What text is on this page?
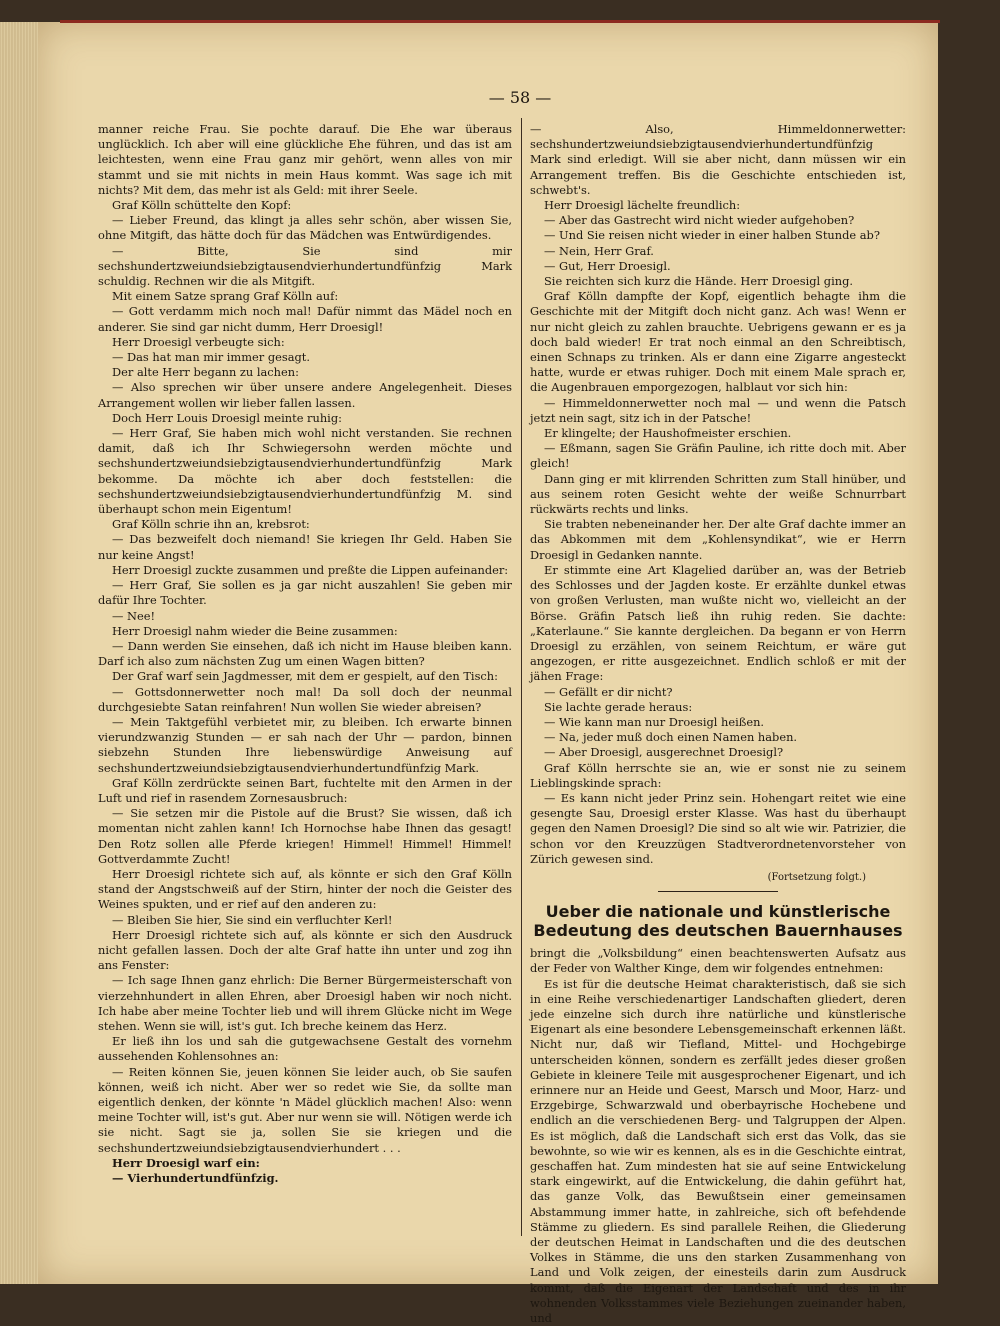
— 58 —

manner reiche Frau. Sie pochte darauf. Die Ehe war überaus unglücklich. Ich aber will eine glückliche Ehe führen, und das ist am leichtesten, wenn eine Frau ganz mir gehört, wenn alles von mir stammt und sie mit nichts in mein Haus kommt. Was sage ich mit nichts? Mit dem, das mehr ist als Geld: mit ihrer Seele.

Graf Kölln schüttelte den Kopf:

— Lieber Freund, das klingt ja alles sehr schön, aber wissen Sie, ohne Mitgift, das hätte doch für das Mädchen was Entwürdigendes.

— Bitte, Sie sind mir sechshundertzweiundsiebzigtausendvierhundertundfünfzig Mark schuldig. Rechnen wir die als Mitgift.

Mit einem Satze sprang Graf Kölln auf:

— Gott verdamm mich noch mal! Dafür nimmt das Mädel noch en anderer. Sie sind gar nicht dumm, Herr Droesigl!

Herr Droesigl verbeugte sich:

— Das hat man mir immer gesagt.

Der alte Herr begann zu lachen:

— Also sprechen wir über unsere andere Angelegenheit. Dieses Arrangement wollen wir lieber fallen lassen.

Doch Herr Louis Droesigl meinte ruhig:

— Herr Graf, Sie haben mich wohl nicht verstanden. Sie rechnen damit, daß ich Ihr Schwiegersohn werden möchte und sechshundertzweiundsiebzigtausendvierhundertundfünfzig Mark bekomme. Da möchte ich aber doch feststellen: die sechshundertzweiundsiebzigtausendvierhundertundfünfzig M. sind überhaupt schon mein Eigentum!

Graf Kölln schrie ihn an, krebsrot:

— Das bezweifelt doch niemand! Sie kriegen Ihr Geld. Haben Sie nur keine Angst!

Herr Droesigl zuckte zusammen und preßte die Lippen aufeinander:

— Herr Graf, Sie sollen es ja gar nicht auszahlen! Sie geben mir dafür Ihre Tochter.

— Nee!

Herr Droesigl nahm wieder die Beine zusammen:

— Dann werden Sie einsehen, daß ich nicht im Hause bleiben kann. Darf ich also zum nächsten Zug um einen Wagen bitten?

Der Graf warf sein Jagdmesser, mit dem er gespielt, auf den Tisch:

— Gottsdonnerwetter noch mal! Da soll doch der neunmal durchgesiebte Satan reinfahren! Nun wollen Sie wieder abreisen?

— Mein Taktgefühl verbietet mir, zu bleiben. Ich erwarte binnen vierundzwanzig Stunden — er sah nach der Uhr — pardon, binnen siebzehn Stunden Ihre liebenswürdige Anweisung auf sechshundertzweiundsiebzigtausendvierhundertundfünfzig Mark.

Graf Kölln zerdrückte seinen Bart, fuchtelte mit den Armen in der Luft und rief in rasendem Zornesausbruch:

— Sie setzen mir die Pistole auf die Brust? Sie wissen, daß ich momentan nicht zahlen kann! Ich Hornochse habe Ihnen das gesagt! Den Rotz sollen alle Pferde kriegen! Himmel! Himmel! Himmel! Gottverdammte Zucht!

Herr Droesigl richtete sich auf, als könnte er sich den Graf Kölln stand der Angstschweiß auf der Stirn, hinter der noch die Geister des Weines spukten, und er rief auf den anderen zu:

— Bleiben Sie hier, Sie sind ein verfluchter Kerl!

Herr Droesigl richtete sich auf, als könnte er sich den Ausdruck nicht gefallen lassen. Doch der alte Graf hatte ihn unter und zog ihn ans Fenster:

— Ich sage Ihnen ganz ehrlich: Die Berner Bürgermeisterschaft von vierzehnhundert in allen Ehren, aber Droesigl haben wir noch nicht. Ich habe aber meine Tochter lieb und will ihrem Glücke nicht im Wege stehen. Wenn sie will, ist's gut. Ich breche keinem das Herz.

Er ließ ihn los und sah die gutgewachsene Gestalt des vornehm aussehenden Kohlensohnes an:

— Reiten können Sie, jeuen können Sie leider auch, ob Sie saufen können, weiß ich nicht. Aber wer so redet wie Sie, da sollte man eigentlich denken, der könnte 'n Mädel glücklich machen! Also: wenn meine Tochter will, ist's gut. Aber nur wenn sie will. Nötigen werde ich sie nicht. Sagt sie ja, sollen Sie sie kriegen und die sechshundertzweiundsiebzigtausendvierhundert . . .

Herr Droesigl warf ein:

— Vierhundertundfünfzig.

— Also, Himmeldonnerwetter: sechshundertzweiundsiebzigtausendvierhundertundfünfzig Mark sind erledigt. Will sie aber nicht, dann müssen wir ein Arrangement treffen. Bis die Geschichte entschieden ist, schwebt's.

Herr Droesigl lächelte freundlich:

— Aber das Gastrecht wird nicht wieder aufgehoben?

— Und Sie reisen nicht wieder in einer halben Stunde ab?

— Nein, Herr Graf.

— Gut, Herr Droesigl.

Sie reichten sich kurz die Hände. Herr Droesigl ging.

Graf Kölln dampfte der Kopf, eigentlich behagte ihm die Geschichte mit der Mitgift doch nicht ganz. Ach was! Wenn er nur nicht gleich zu zahlen brauchte. Uebrigens gewann er es ja doch bald wieder! Er trat noch einmal an den Schreibtisch, einen Schnaps zu trinken. Als er dann eine Zigarre angesteckt hatte, wurde er etwas ruhiger. Doch mit einem Male sprach er, die Augenbrauen emporgezogen, halblaut vor sich hin:

— Himmeldonnerwetter noch mal — und wenn die Patsch jetzt nein sagt, sitz ich in der Patsche!

Er klingelte; der Haushofmeister erschien.

— Eßmann, sagen Sie Gräfin Pauline, ich ritte doch mit. Aber gleich!

Dann ging er mit klirrenden Schritten zum Stall hinüber, und aus seinem roten Gesicht wehte der weiße Schnurrbart rückwärts rechts und links.

Sie trabten nebeneinander her. Der alte Graf dachte immer an das Abkommen mit dem „Kohlensyndikat“, wie er Herrn Droesigl in Gedanken nannte.

Er stimmte eine Art Klagelied darüber an, was der Betrieb des Schlosses und der Jagden koste. Er erzählte dunkel etwas von großen Verlusten, man wußte nicht wo, vielleicht an der Börse. Gräfin Patsch ließ ihn ruhig reden. Sie dachte: „Katerlaune.“ Sie kannte dergleichen. Da begann er von Herrn Droesigl zu erzählen, von seinem Reichtum, er wäre gut angezogen, er ritte ausgezeichnet. Endlich schloß er mit der jähen Frage:

— Gefällt er dir nicht?

Sie lachte gerade heraus:

— Wie kann man nur Droesigl heißen.

— Na, jeder muß doch einen Namen haben.

— Aber Droesigl, ausgerechnet Droesigl?

Graf Kölln herrschte sie an, wie er sonst nie zu seinem Lieblingskinde sprach:

— Es kann nicht jeder Prinz sein. Hohengart reitet wie eine gesengte Sau, Droesigl erster Klasse. Was hast du überhaupt gegen den Namen Droesigl? Die sind so alt wie wir. Patrizier, die schon vor den Kreuzzügen Stadtverordnetenvorsteher von Zürich gewesen sind.

(Fortsetzung folgt.)

Ueber die nationale und künstlerische Bedeutung des deutschen Bauernhauses

bringt die „Volksbildung“ einen beachtenswerten Aufsatz aus der Feder von Walther Kinge, dem wir folgendes entnehmen:

Es ist für die deutsche Heimat charakteristisch, daß sie sich in eine Reihe verschiedenartiger Landschaften gliedert, deren jede einzelne sich durch ihre natürliche und künstlerische Eigenart als eine besondere Lebensgemeinschaft erkennen läßt. Nicht nur, daß wir Tiefland, Mittel- und Hochgebirge unterscheiden können, sondern es zerfällt jedes dieser großen Gebiete in kleinere Teile mit ausgesprochener Eigenart, und ich erinnere nur an Heide und Geest, Marsch und Moor, Harz- und Erzgebirge, Schwarzwald und oberbayrische Hochebene und endlich an die verschiedenen Berg- und Talgruppen der Alpen. Es ist möglich, daß die Landschaft sich erst das Volk, das sie bewohnte, so wie wir es kennen, als es in die Geschichte eintrat, geschaffen hat. Zum mindesten hat sie auf seine Entwickelung stark eingewirkt, auf die Entwickelung, die dahin geführt hat, das ganze Volk, das Bewußtsein einer gemeinsamen Abstammung immer hatte, in zahlreiche, sich oft befehdende Stämme zu gliedern. Es sind parallele Reihen, die Gliederung der deutschen Heimat in Landschaften und die des deutschen Volkes in Stämme, die uns den starken Zusammenhang von Land und Volk zeigen, der einesteils darin zum Ausdruck kommt, daß die Eigenart der Landschaft und des in ihr wohnenden Volksstammes viele Beziehungen zueinander haben, und
